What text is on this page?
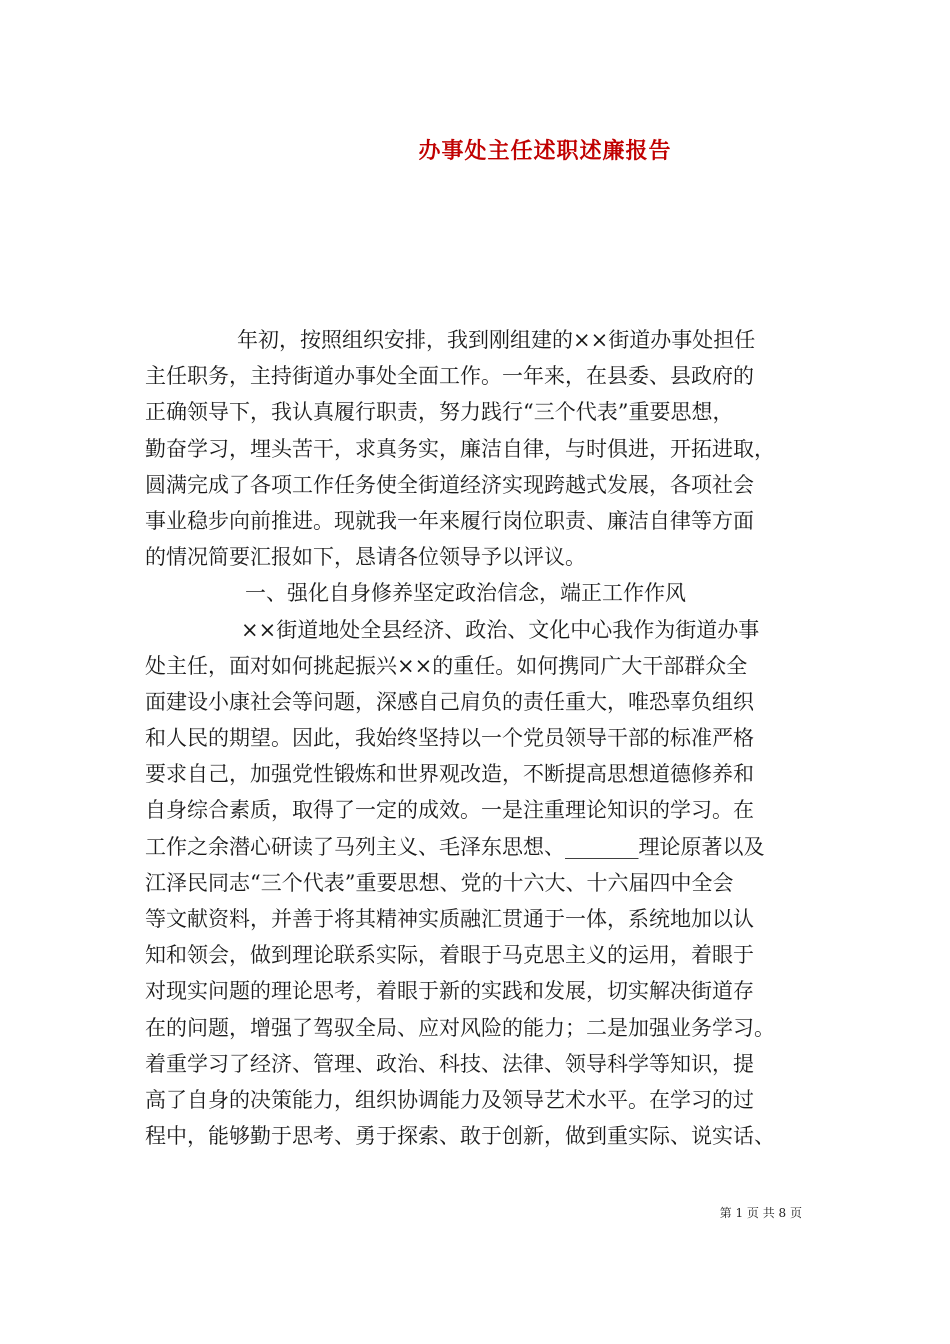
办事处主任述职述廉报告
年初，按照组织安排，我到刚组建的××街道办事处担任
主任职务，主持街道办事处全面工作。一年来，在县委、县政府的
正确领导下，我认真履行职责，努力践行“三个代表”重要思想，
勤奋学习，埋头苦干，求真务实，廉洁自律，与时俱进，开拓进取，
圆满完成了各项工作任务使全街道经济实现跨越式发展，各项社会
事业稳步向前推进。现就我一年来履行岗位职责、廉洁自律等方面
的情况简要汇报如下，恳请各位领导予以评议。
一、强化自身修养坚定政治信念，端正工作作风
××街道地处全县经济、政治、文化中心我作为街道办事
处主任，面对如何挑起振兴××的重任。如何携同广大干部群众全
面建设小康社会等问题，深感自己肩负的责任重大，唯恐辜负组织
和人民的期望。因此，我始终坚持以一个党员领导干部的标准严格
要求自己，加强党性锻炼和世界观改造，不断提高思想道德修养和
自身综合素质，取得了一定的成效。一是注重理论知识的学习。在
工作之余潜心研读了马列主义、毛泽东思想、_______理论原著以及
江泽民同志“三个代表”重要思想、党的十六大、十六届四中全会
等文献资料，并善于将其精神实质融汇贯通于一体，系统地加以认
知和领会，做到理论联系实际，着眼于马克思主义的运用，着眼于
对现实问题的理论思考，着眼于新的实践和发展，切实解决街道存
在的问题，增强了驾驭全局、应对风险的能力；二是加强业务学习。
着重学习了经济、管理、政治、科技、法律、领导科学等知识，提
高了自身的决策能力，组织协调能力及领导艺术水平。在学习的过
程中，能够勤于思考、勇于探索、敢于创新，做到重实际、说实话、
第 1 页 共 8 页
